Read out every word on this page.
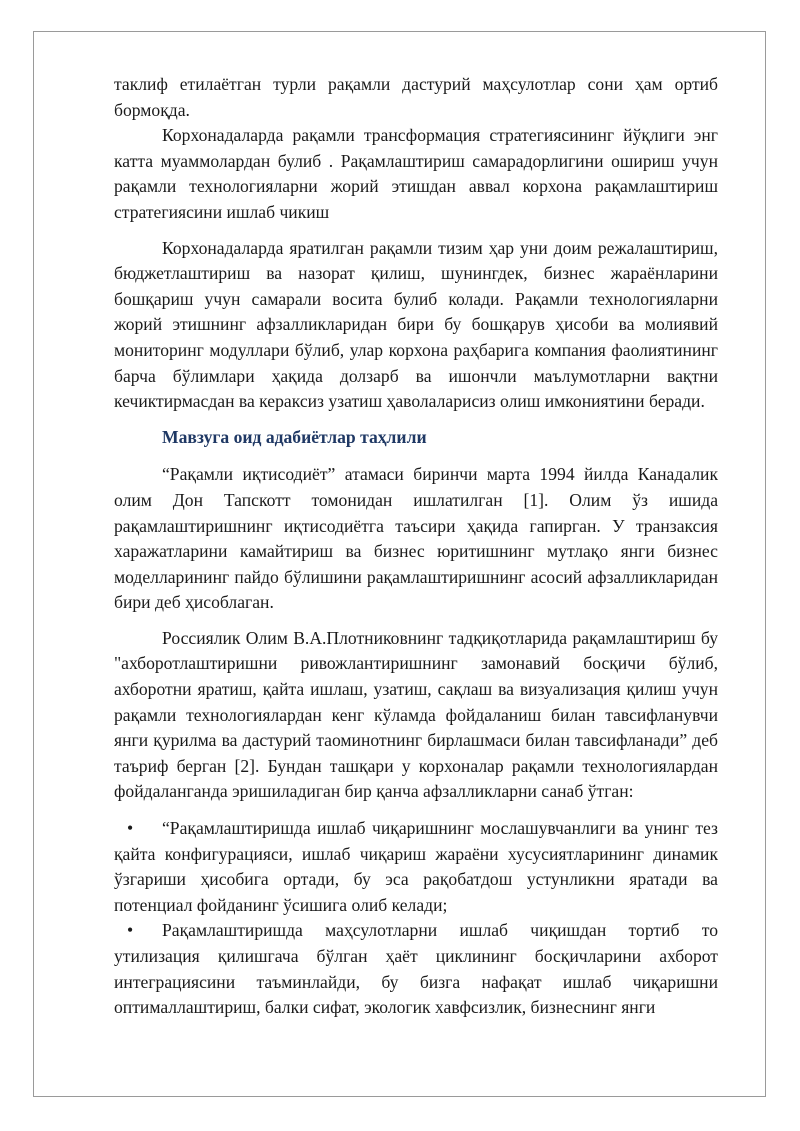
таклиф етилаётган турли рақамли дастурий маҳсулотлар сони ҳам ортиб бормоқда.

Корхонадаларда рақамли трансформация стратегиясининг йўқлиги энг катта муаммолардан булиб . Рақамлаштириш самарадорлигини ошириш учун рақамли технологияларни жорий этишдан аввал корхона рақамлаштириш стратегиясини ишлаб чикиш

Корхонадаларда яратилган рақамли тизим ҳар уни доим режалаштириш, бюджетлаштириш ва назорат қилиш, шунингдек, бизнес жараёнларини бошқариш учун самарали восита булиб колади. Рақамли технологияларни жорий этишнинг афзалликларидан бири бу бошқарув ҳисоби ва молиявий мониторинг модуллари бўлиб, улар корхона раҳбарига компания фаолиятининг барча бўлимлари ҳақида долзарб ва ишончли маълумотларни вақтни кечиктирмасдан ва кераксиз узатиш ҳаволаларисиз олиш имкониятини беради.

Мавзуга оид адабиётлар таҳлили

“Рақамли иқтисодиёт” атамаси биринчи марта 1994 йилда Канадалик олим Дон Тапскотт томонидан ишлатилган [1]. Олим ўз ишида рақамлаштиришнинг иқтисодиётга таъсири ҳақида гапирган. У транзаксия харажатларини камайтириш ва бизнес юритишнинг мутлақо янги бизнес моделларининг пайдо бўлишини рақамлаштиришнинг асосий афзалликларидан бири деб ҳисоблаган.

Россиялик Олим В.А.Плотниковнинг тадқиқотларида рақамлаштириш бу "ахборотлаштиришни ривожлантиришнинг замонавий босқичи бўлиб, ахборотни яратиш, қайта ишлаш, узатиш, сақлаш ва визуализация қилиш учун рақамли технологиялардан кенг кўламда фойдаланиш билан тавсифланувчи янги қурилма ва дастурий таоминотнинг бирлашмаси билан тавсифланади” деб таъриф берган [2]. Бундан ташқари у корхоналар рақамли технологиялардан фойдаланганда эришиладиган бир қанча афзалликларни санаб ўтган:

• “Рақамлаштиришда ишлаб чиқаришнинг мослашувчанлиги ва унинг тез қайта конфигурацияси, ишлаб чиқариш жараёни хусусиятларининг динамик ўзгариши ҳисобига ортади, бу эса рақобатдош устунликни яратади ва потенциал фойданинг ўсишига олиб келади;
• Рақамлаштиришда маҳсулотларни ишлаб чиқишдан тортиб то утилизация қилишгача бўлган ҳаёт циклининг босқичларини ахборот интеграциясини таъминлайди, бу бизга нафақат ишлаб чиқаришни оптималлаштириш, балки сифат, экологик хавфсизлик, бизнеснинг янги
